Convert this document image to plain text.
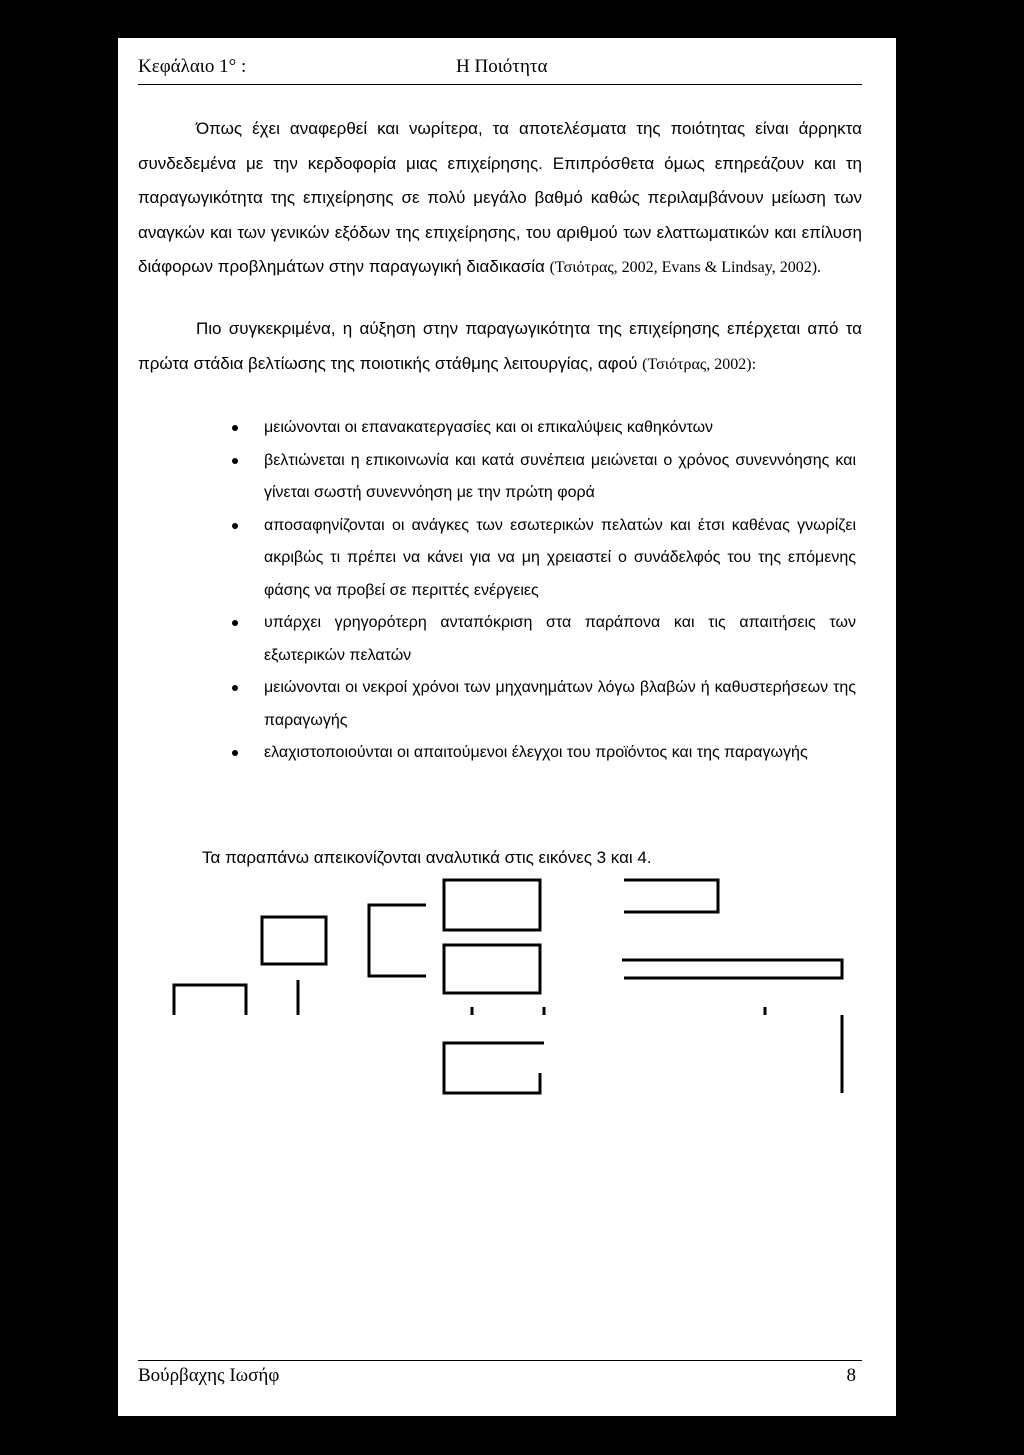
Κεφάλαιο 1° :	Η Ποιότητα

Όπως έχει αναφερθεί και νωρίτερα, τα αποτελέσματα της ποιότητας είναι άρρηκτα συνδεδεμένα με την κερδοφορία μιας επιχείρησης. Επιπρόσθετα όμως επηρεάζουν και τη παραγωγικότητα της επιχείρησης σε πολύ μεγάλο βαθμό καθώς περιλαμβάνουν μείωση των αναγκών και των γενικών εξόδων της επιχείρησης, του αριθμού των ελαττωματικών και επίλυση διάφορων προβλημάτων στην παραγωγική διαδικασία (Τσιότρας, 2002, Evans & Lindsay, 2002).

Πιο συγκεκριμένα, η αύξηση στην παραγωγικότητα της επιχείρησης επέρχεται από τα πρώτα στάδια βελτίωσης της ποιοτικής στάθμης λειτουργίας, αφού (Τσιότρας, 2002):

μειώνονται οι επανακατεργασίες και οι επικαλύψεις καθηκόντων
βελτιώνεται η επικοινωνία και κατά συνέπεια μειώνεται ο χρόνος συνεννόησης και γίνεται σωστή συνεννόηση με την πρώτη φορά
αποσαφηνίζονται οι ανάγκες των εσωτερικών πελατών και έτσι καθένας γνωρίζει ακριβώς τι πρέπει να κάνει για να μη χρειαστεί ο συνάδελφός του της επόμενης φάσης να προβεί σε περιττές ενέργειες
υπάρχει γρηγορότερη ανταπόκριση στα παράπονα και τις απαιτήσεις των εξωτερικών πελατών
μειώνονται οι νεκροί χρόνοι των μηχανημάτων λόγω βλαβών ή καθυστερήσεων της παραγωγής
ελαχιστοποιούνται οι απαιτούμενοι έλεγχοι του προϊόντος και της παραγωγής
Τα παραπάνω απεικονίζονται αναλυτικά στις εικόνες 3 και 4.
Βούρβαχης Ιωσήφ	8
